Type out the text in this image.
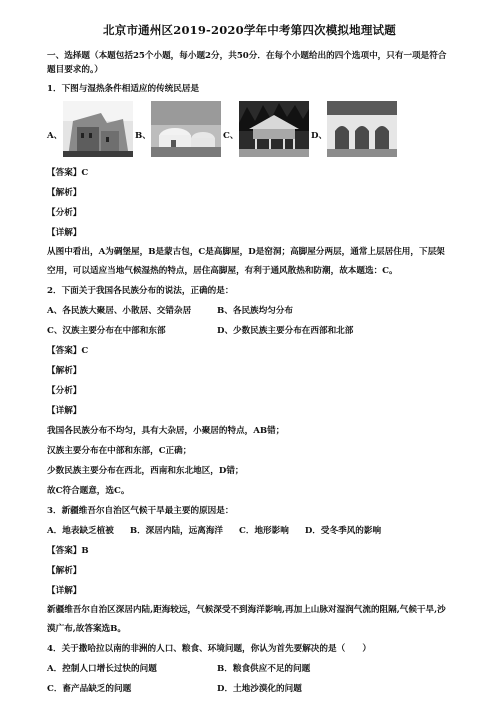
北京市通州区2019-2020学年中考第四次模拟地理试题
一、选择题（本题包括25个小题，每小题2分，共50分．在每个小题给出的四个选项中，只有一项是符合题目要求的。）
1．下图与湿热条件相适应的传统民居是
A、	B、	C、	D、
【答案】C
【解析】
【分析】
【详解】
从图中看出，A为碉堡屋，B是蒙古包，C是高脚屋，D是窑洞；高脚屋分两层，通常上层居住用，下层架空用，可以适应当地气候湿热的特点，居住高脚屋，有利于通风散热和防潮，故本题选：C。
2．下面关于我国各民族分布的说法，正确的是：
A、各民族大聚居、小散居、交错杂居	B、各民族均匀分布
C、汉族主要分布在中部和东部	D、少数民族主要分布在西部和北部
【答案】C
【解析】
【分析】
【详解】
我国各民族分布不均匀，具有大杂居，小聚居的特点，AB错；
汉族主要分布在中部和东部，C正确；
少数民族主要分布在西北，西南和东北地区，D错；
故C符合题意，选C。
3．新疆维吾尔自治区气候干旱最主要的原因是：
A．地表缺乏植被 B．深居内陆，远离海洋 C．地形影响 D．受冬季风的影响
【答案】B
【解析】
【详解】
新疆维吾尔自治区深居内陆,距海较远，气候深受不到海洋影响,再加上山脉对湿润气流的阻隔,气候干旱,沙漠广布,故答案选B。
4．关于撒哈拉以南的非洲的人口、粮食、环境问题，你认为首先要解决的是（　　）
A．控制人口增长过快的问题	B．粮食供应不足的问题
C．畜产品缺乏的问题	D．土地沙漠化的问题
